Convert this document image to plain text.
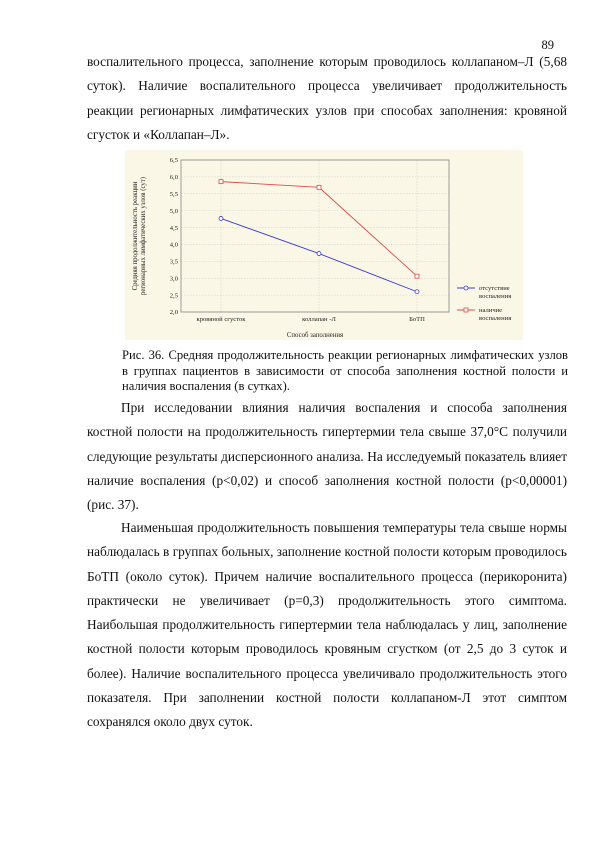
89

воспалительного процесса, заполнение которым проводилось коллапаном–Л (5,68 суток). Наличие воспалительного процесса увеличивает продолжительность реакции регионарных лимфатических узлов при способах заполнения: кровяной сгусток и «Коллапан–Л».

2,0
2,5
3,0
3,5
4,0
4,5
5,0
5,5
6,0
6,5
кровяной сгусток	коллапан -Л	БоТП
Средняя продолжительность реакциирегионарных лимфатических узлов (сут)
Способ заполнения
отсутствие
воспаления
наличие
воспаления

Рис. 36. Средняя продолжительность реакции регионарных лимфатических узлов в группах пациентов в зависимости от способа заполнения костной полости и наличия воспаления (в сутках).

При исследовании влияния наличия воспаления и способа заполнения костной полости на продолжительность гипертермии тела свыше 37,0°С получили следующие результаты дисперсионного анализа. На исследуемый показатель влияет наличие воспаления (p<0,02) и способ заполнения костной полости (p<0,00001) (рис. 37).

Наименьшая продолжительность повышения температуры тела свыше нормы наблюдалась в группах больных, заполнение костной полости которым проводилось БоТП (около суток). Причем наличие воспалительного процесса (перикоронита) практически не увеличивает (p=0,3) продолжительность этого симптома. Наибольшая продолжительность гипертермии тела наблюдалась у лиц, заполнение костной полости которым проводилось кровяным сгустком (от 2,5 до 3 суток и более). Наличие воспалительного процесса увеличивало продолжительность этого показателя. При заполнении костной полости коллапаном-Л этот симптом сохранялся около двух суток.
